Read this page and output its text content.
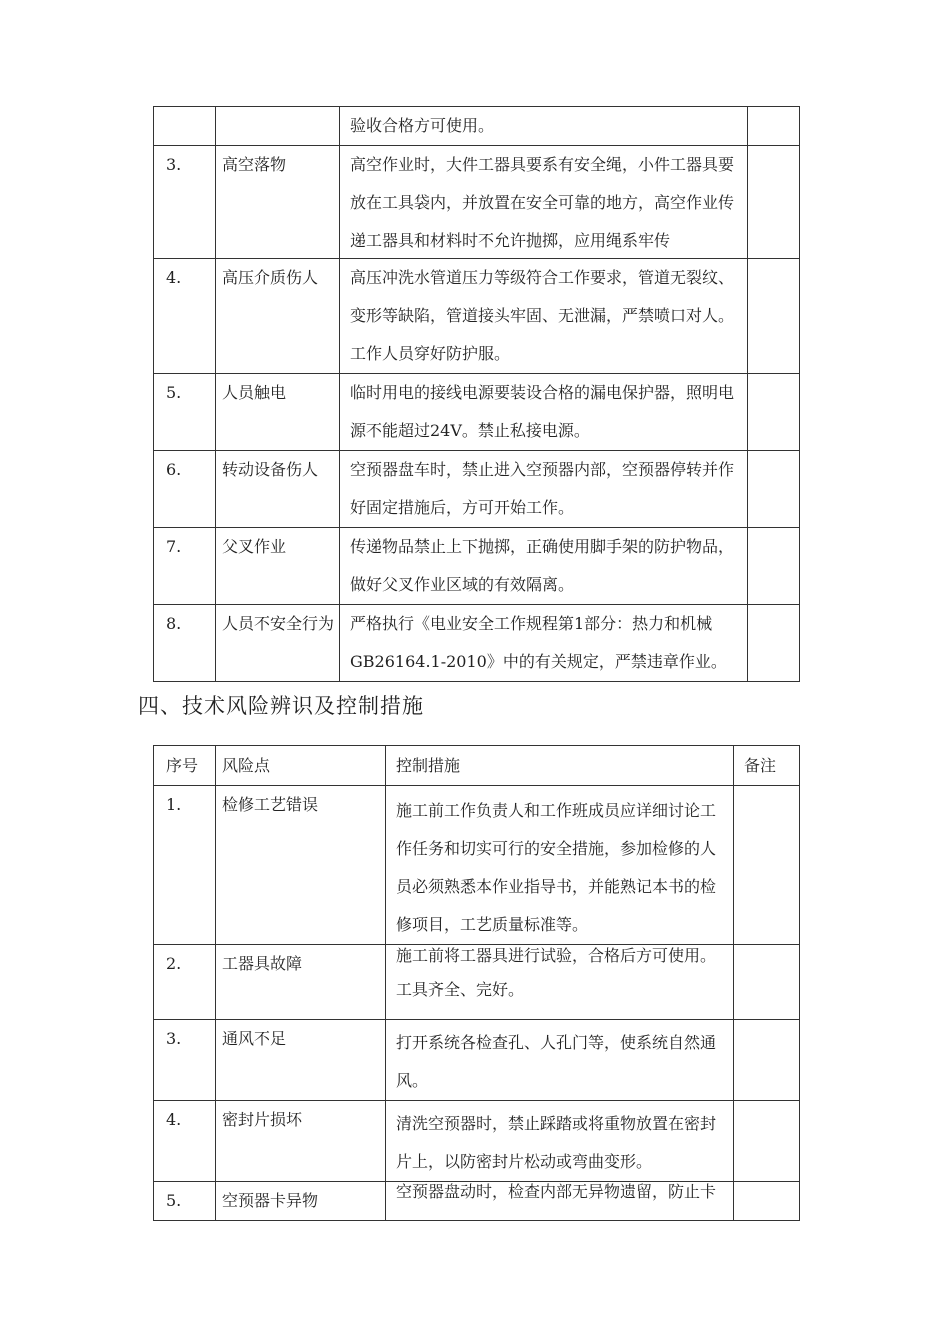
		验收合格方可使用。	
3.	高空落物	高空作业时，大件工器具要系有安全绳，小件工器具要放在工具袋内，并放置在安全可靠的地方，高空作业传递工器具和材料时不允许抛掷，应用绳系牢传	

4.	高压介质伤人	高压冲洗水管道压力等级符合工作要求，管道无裂纹、变形等缺陷，管道接头牢固、无泄漏，严禁喷口对人。工作人员穿好防护服。	
5.	人员触电	临时用电的接线电源要装设合格的漏电保护器，照明电源不能超过24V。禁止私接电源。	
6.	转动设备伤人	空预器盘车时，禁止进入空预器内部，空预器停转并作好固定措施后，方可开始工作。	
7.	父叉作业	传递物品禁止上下抛掷，正确使用脚手架的防护物品，做好父叉作业区域的有效隔离。	
8.	人员不安全行为	严格执行《电业安全工作规程第1部分：热力和机械GB26164.1-2010》中的有关规定，严禁违章作业。	
四、技术风险辨识及控制措施
序号	风险点	控制措施	备注
1.	检修工艺错误	施工前工作负责人和工作班成员应详细讨论工作任务和切实可行的安全措施，参加检修的人员必须熟悉本作业指导书，并能熟记本书的检修项目，工艺质量标准等。	

2.	工器具故障	施工前将工器具进行试验，合格后方可使用。
工具齐全、完好。	

3.	通风不足	打开系统各检查孔、人孔门等，使系统自然通风。	

4.	密封片损坏	清洗空预器时，禁止踩踏或将重物放置在密封片上，以防密封片松动或弯曲变形。	

5.	空预器卡异物	空预器盘动时，检查内部无异物遗留，防止卡	
